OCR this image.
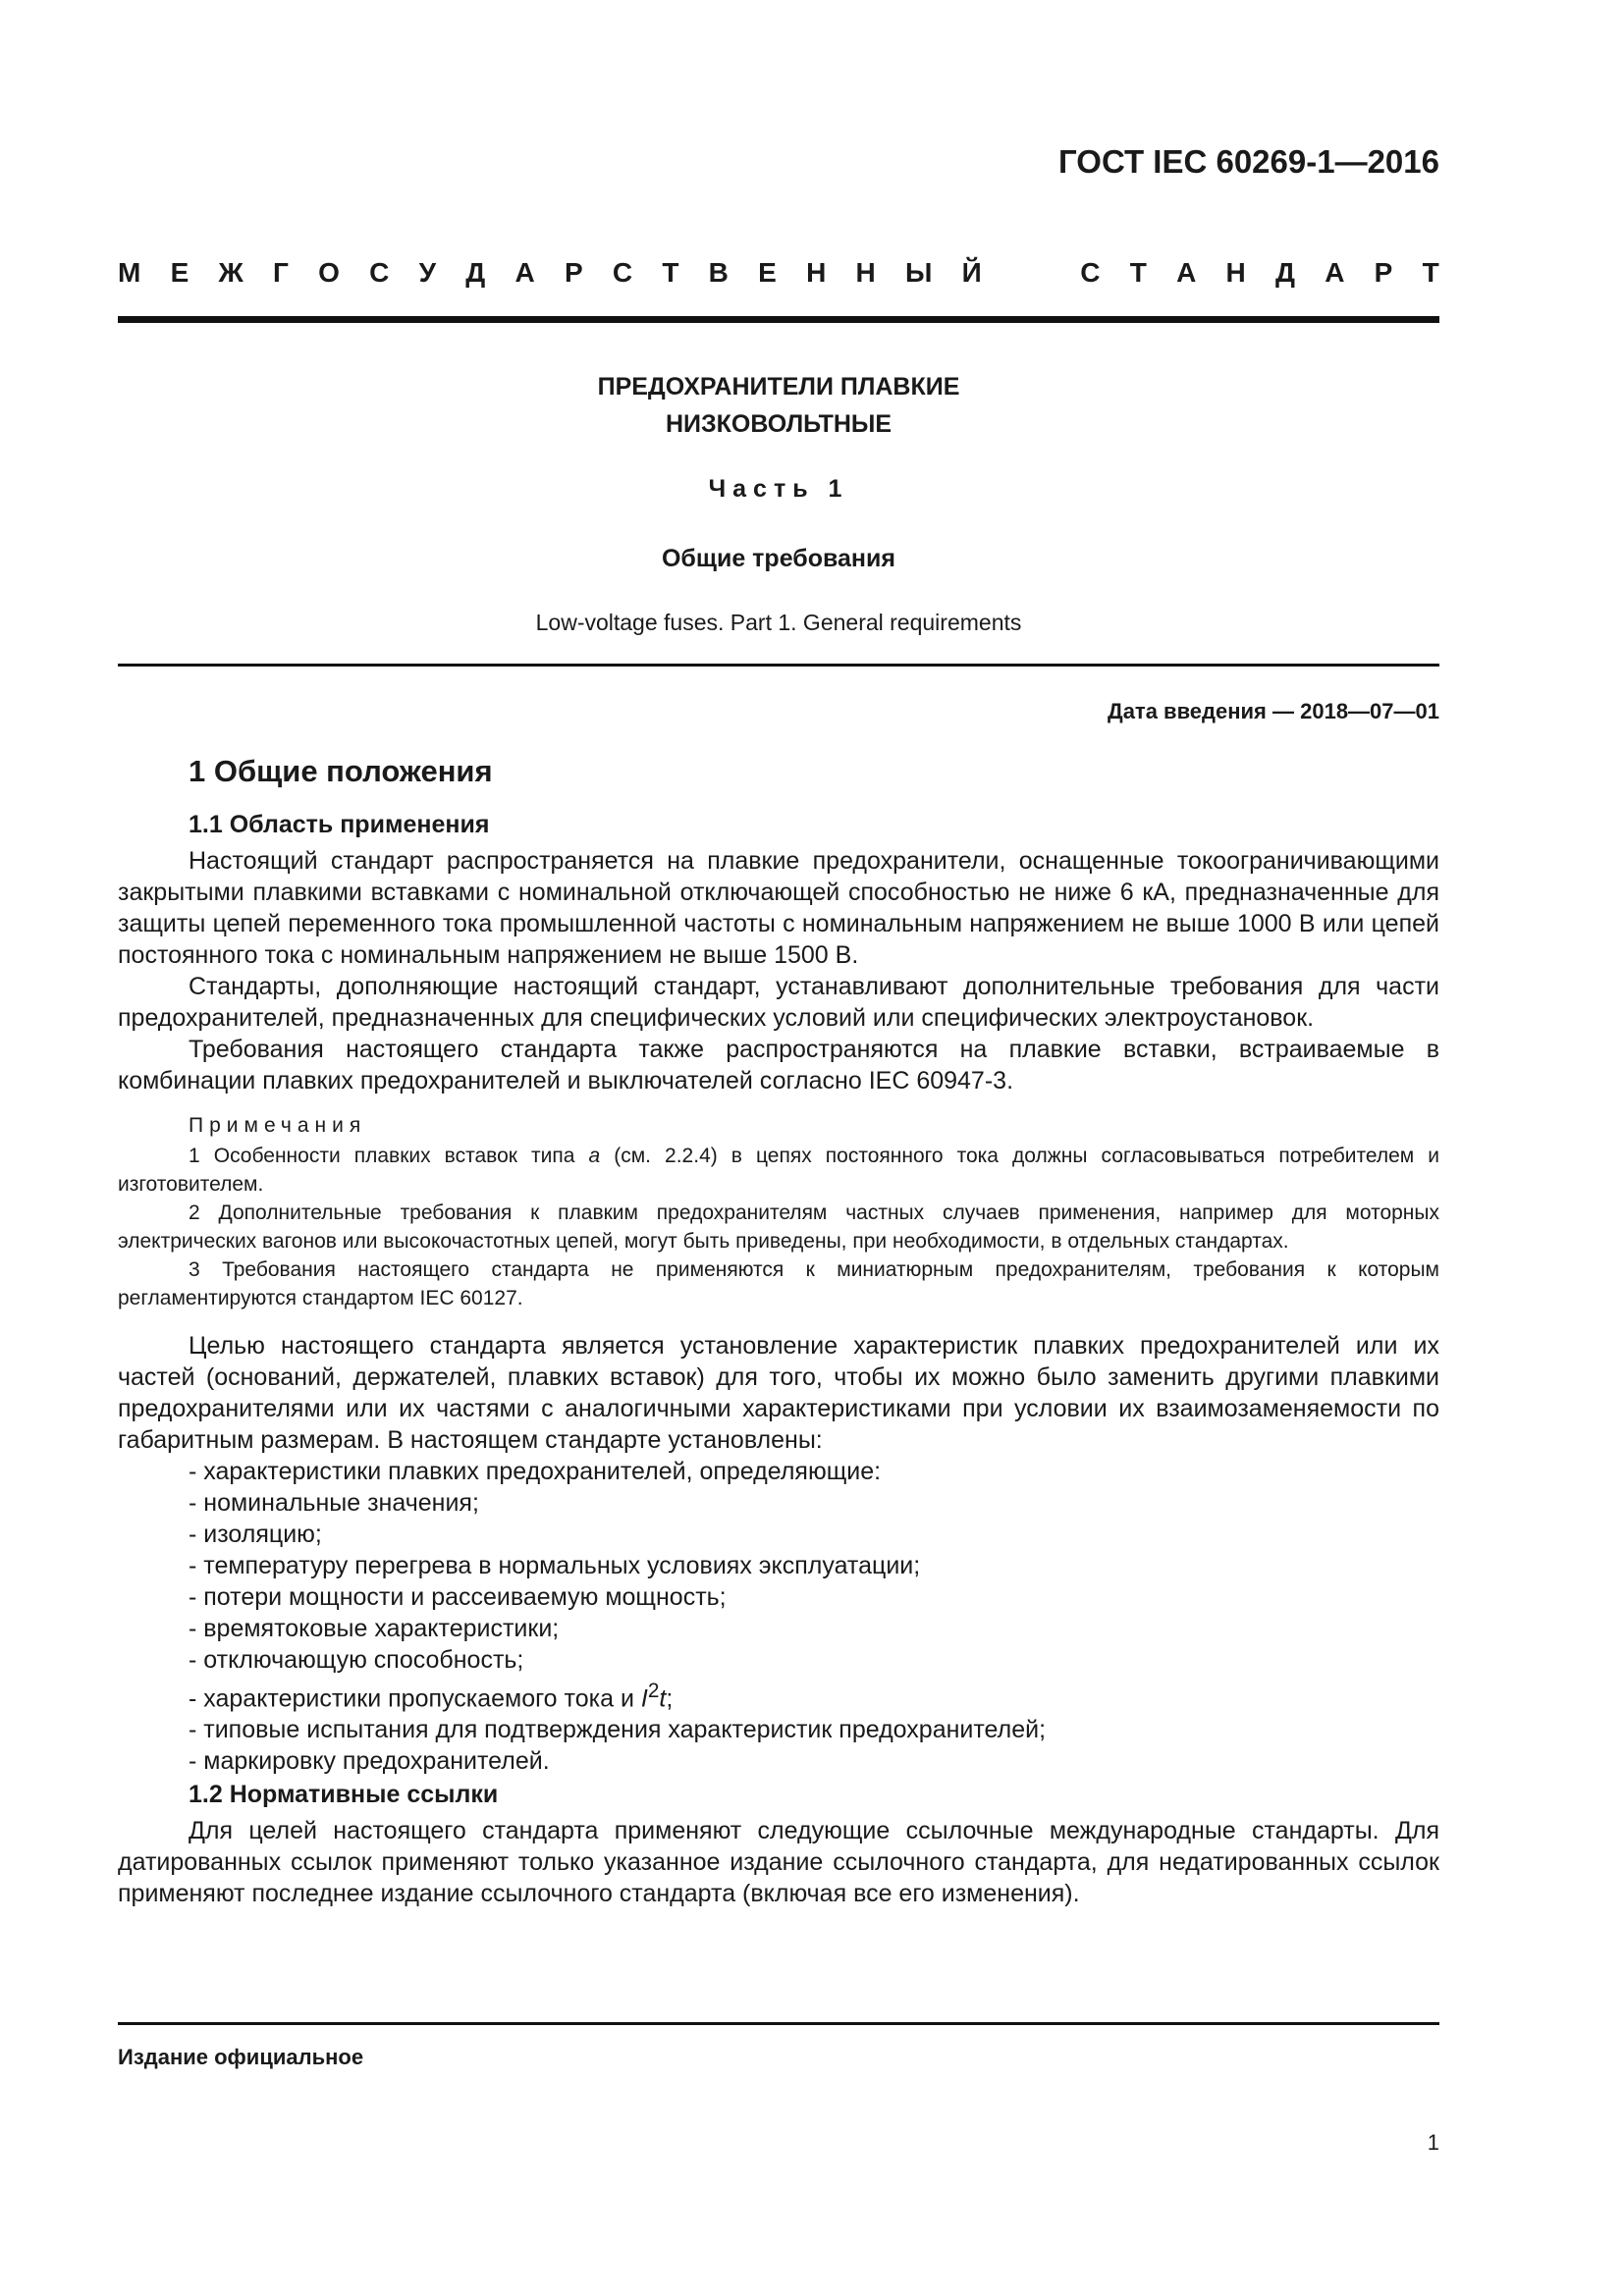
ГОСТ IEC 60269-1—2016
М Е Ж Г О С У Д А Р С Т В Е Н Н Ы Й	С Т А Н Д А Р Т
ПРЕДОХРАНИТЕЛИ ПЛАВКИЕ
НИЗКОВОЛЬТНЫЕ
Часть 1
Общие требования
Low-voltage fuses. Part 1. General requirements
Дата введения — 2018—07—01
1 Общие положения
1.1 Область применения

Настоящий стандарт распространяется на плавкие предохранители, оснащенные токоограничивающими закрытыми плавкими вставками с номинальной отключающей способностью не ниже 6 кА, предназначенные для защиты цепей переменного тока промышленной частоты с номинальным напряжением не выше 1000 В или цепей постоянного тока с номинальным напряжением не выше 1500 В.

Стандарты, дополняющие настоящий стандарт, устанавливают дополнительные требования для части предохранителей, предназначенных для специфических условий или специфических электроустановок.

Требования настоящего стандарта также распространяются на плавкие вставки, встраиваемые в комбинации плавких предохранителей и выключателей согласно IEC 60947-3.

Примечания

1 Особенности плавких вставок типа a (см. 2.2.4) в цепях постоянного тока должны согласовываться потребителем и изготовителем.

2 Дополнительные требования к плавким предохранителям частных случаев применения, например для моторных электрических вагонов или высокочастотных цепей, могут быть приведены, при необходимости, в отдельных стандартах.

3 Требования настоящего стандарта не применяются к миниатюрным предохранителям, требования к которым регламентируются стандартом IEC 60127.

Целью настоящего стандарта является установление характеристик плавких предохранителей или их частей (оснований, держателей, плавких вставок) для того, чтобы их можно было заменить другими плавкими предохранителями или их частями с аналогичными характеристиками при условии их взаимозаменяемости по габаритным размерам. В настоящем стандарте установлены:

- характеристики плавких предохранителей, определяющие:
- номинальные значения;
- изоляцию;
- температуру перегрева в нормальных условиях эксплуатации;
- потери мощности и рассеиваемую мощность;
- времятоковые характеристики;
- отключающую способность;
- характеристики пропускаемого тока и $I^2t$;
- типовые испытания для подтверждения характеристик предохранителей;
- маркировку предохранителей.
1.2 Нормативные ссылки

Для целей настоящего стандарта применяют следующие ссылочные международные стандарты. Для датированных ссылок применяют только указанное издание ссылочного стандарта, для недатированных ссылок применяют последнее издание ссылочного стандарта (включая все его изменения).

Издание официальное
1
